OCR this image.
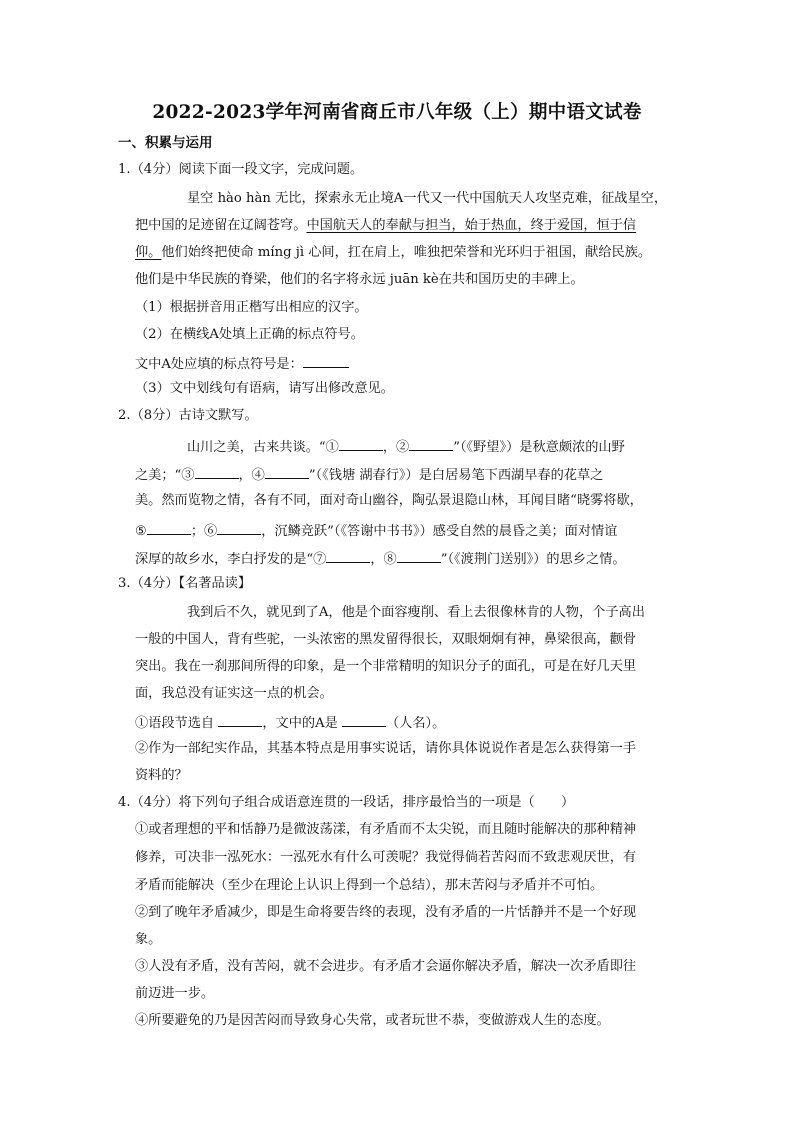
2022-2023学年河南省商丘市八年级（上）期中语文试卷
一、积累与运用
1.（4分）阅读下面一段文字，完成问题。
星空 hào hàn 无比，探索永无止境A一代又一代中国航天人攻坚克难，征战星空，
把中国的足迹留在辽阔苍穹。中国航天人的奉献与担当，始于热血，终于爱国，恒于信
仰。他们始终把使命 míng jì 心间，扛在肩上，唯独把荣誉和光环归于祖国，献给民族。
他们是中华民族的脊梁，他们的名字将永远 juān kè在共和国历史的丰碑上。
（1）根据拼音用正楷写出相应的汉字。
（2）在横线A处填上正确的标点符号。
文中A处应填的标点符号是：
（3）文中划线句有语病，请写出修改意见。
2.（8分）古诗文默写。
山川之美，古来共谈。“①	，②	”（《野望》）是秋意颇浓的山野
之美；“③	，④	”（《钱塘 湖春行》）是白居易笔下西湖早春的花草之
美。然而览物之情，各有不同，面对奇山幽谷，陶弘景退隐山林，耳闻目睹“晓雾将歇，
⑤	；⑥	，沉鳞竞跃”（《答谢中书书》）感受自然的晨昏之美；面对情谊
深厚的故乡水，李白抒发的是“⑦	，⑧	”（《渡荆门送别》）的思乡之情。
3.（4分）【名著品读】
我到后不久，就见到了A，他是个面容瘦削、看上去很像林肯的人物，个子高出
一般的中国人，背有些驼，一头浓密的黑发留得很长，双眼炯炯有神，鼻梁很高，颧骨
突出。我在一刹那间所得的印象，是一个非常精明的知识分子的面孔，可是在好几天里
面，我总没有证实这一点的机会。
①语段节选自	，文中的A是	（人名）。
②作为一部纪实作品，其基本特点是用事实说话，请你具体说说作者是怎么获得第一手
资料的？
4.（4分）将下列句子组合成语意连贯的一段话，排序最恰当的一项是（　　）
①或者理想的平和恬静乃是微波荡漾，有矛盾而不太尖锐，而且随时能解决的那种精神
修养，可决非一泓死水：一泓死水有什么可羡呢？我觉得倘若苦闷而不致悲观厌世，有
矛盾而能解决（至少在理论上认识上得到一个总结），那末苦闷与矛盾并不可怕。
②到了晚年矛盾减少，即是生命将要告终的表现，没有矛盾的一片恬静并不是一个好现
象。
③人没有矛盾，没有苦闷，就不会进步。有矛盾才会逼你解决矛盾，解决一次矛盾即往
前迈进一步。
④所要避免的乃是因苦闷而导致身心失常，或者玩世不恭，变做游戏人生的态度。
